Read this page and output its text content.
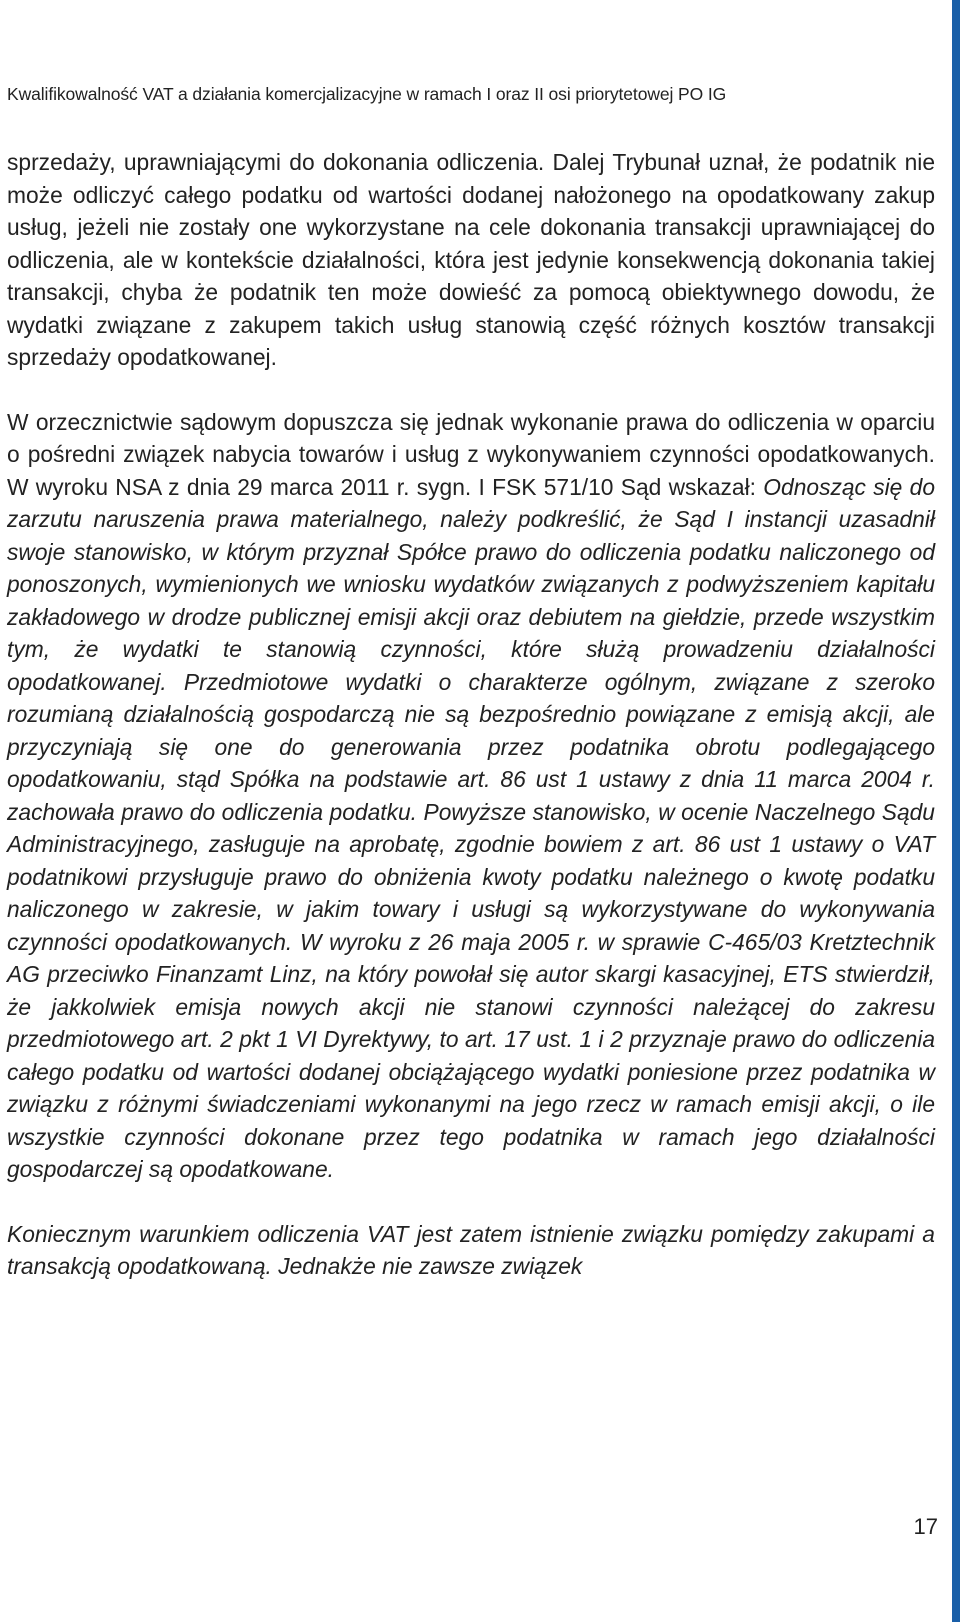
Kwalifikowalność VAT a działania komercjalizacyjne w ramach I oraz II osi priorytetowej PO IG

sprzedaży, uprawniającymi do dokonania odliczenia. Dalej Trybunał uznał, że podatnik nie może odliczyć całego podatku od wartości dodanej nałożonego na opodatkowany zakup usług, jeżeli nie zostały one wykorzystane na cele dokonania transakcji uprawniającej do odliczenia, ale w kontekście działalności, która jest jedynie konsekwencją dokonania takiej transakcji, chyba że podatnik ten może dowieść za pomocą obiektywnego dowodu, że wydatki związane z zakupem takich usług stanowią część różnych kosztów transakcji sprzedaży opodatkowanej.

W orzecznictwie sądowym dopuszcza się jednak wykonanie prawa do odliczenia w oparciu o pośredni związek nabycia towarów i usług z wykonywaniem czynności opodatkowanych. W wyroku NSA z dnia 29 marca 2011 r. sygn. I FSK 571/10 Sąd wskazał: Odnosząc się do zarzutu naruszenia prawa materialnego, należy podkreślić, że Sąd I instancji uzasadnił swoje stanowisko, w którym przyznał Spółce prawo do odliczenia podatku naliczonego od ponoszonych, wymienionych we wniosku wydatków związanych z podwyższeniem kapitału zakładowego w drodze publicznej emisji akcji oraz debiutem na giełdzie, przede wszystkim tym, że wydatki te stanowią czynności, które służą prowadzeniu działalności opodatkowanej. Przedmiotowe wydatki o charakterze ogólnym, związane z szeroko rozumianą działalnością gospodarczą nie są bezpośrednio powiązane z emisją akcji, ale przyczyniają się one do generowania przez podatnika obrotu podlegającego opodatkowaniu, stąd Spółka na podstawie art. 86 ust 1 ustawy z dnia 11 marca 2004 r. zachowała prawo do odliczenia podatku. Powyższe stanowisko, w ocenie Naczelnego Sądu Administracyjnego, zasługuje na aprobatę, zgodnie bowiem z art. 86 ust 1 ustawy o VAT podatnikowi przysługuje prawo do obniżenia kwoty podatku należnego o kwotę podatku naliczonego w zakresie, w jakim towary i usługi są wykorzystywane do wykonywania czynności opodatkowanych. W wyroku z 26 maja 2005 r. w sprawie C-465/03 Kretztechnik AG przeciwko Finanzamt Linz, na który powołał się autor skargi kasacyjnej, ETS stwierdził, że jakkolwiek emisja nowych akcji nie stanowi czynności należącej do zakresu przedmiotowego art. 2 pkt 1 VI Dyrektywy, to art. 17 ust. 1 i 2 przyznaje prawo do odliczenia całego podatku od wartości dodanej obciążającego wydatki poniesione przez podatnika w związku z różnymi świadczeniami wykonanymi na jego rzecz w ramach emisji akcji, o ile wszystkie czynności dokonane przez tego podatnika w ramach jego działalności gospodarczej są opodatkowane.

Koniecznym warunkiem odliczenia VAT jest zatem istnienie związku pomiędzy zakupami a transakcją opodatkowaną. Jednakże nie zawsze związek

17
